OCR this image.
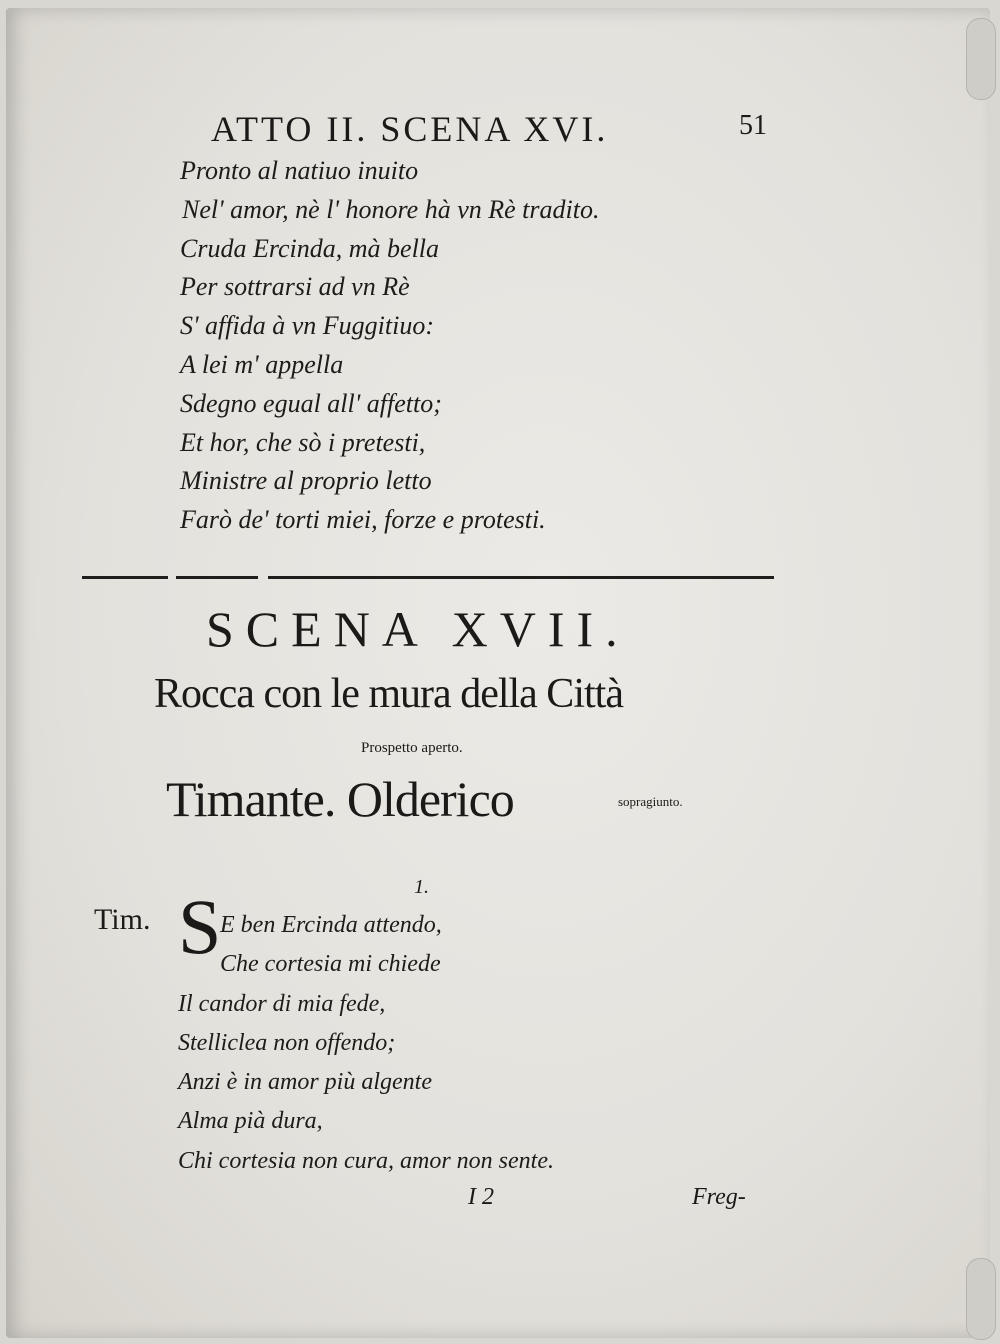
ATTO II. SCENA XVI.	51
Pronto al natiuo inuito
Nel' amor, nè l' honore hà vn Rè tradito.
Cruda Ercinda, mà bella
Per sottrarsi ad vn Rè
S' affida à vn Fuggitiuo:
A lei m' appella
Sdegno egual all' affetto;
Et hor, che sò i pretesti,
Ministre al proprio letto
Farò de' torti miei, forze e protesti.
SCENA XVII.
Rocca con le mura della Città
Prospetto aperto.
Timante. Olderico	sopragiunto.
1.
Tim. S
E ben Ercinda attendo,
Che cortesia mi chiede
Il candor di mia fede,
Stelliclea non offendo;
Anzi è in amor più algente
Alma pià dura,
Chi cortesia non cura, amor non sente.
I 2	Freg-
